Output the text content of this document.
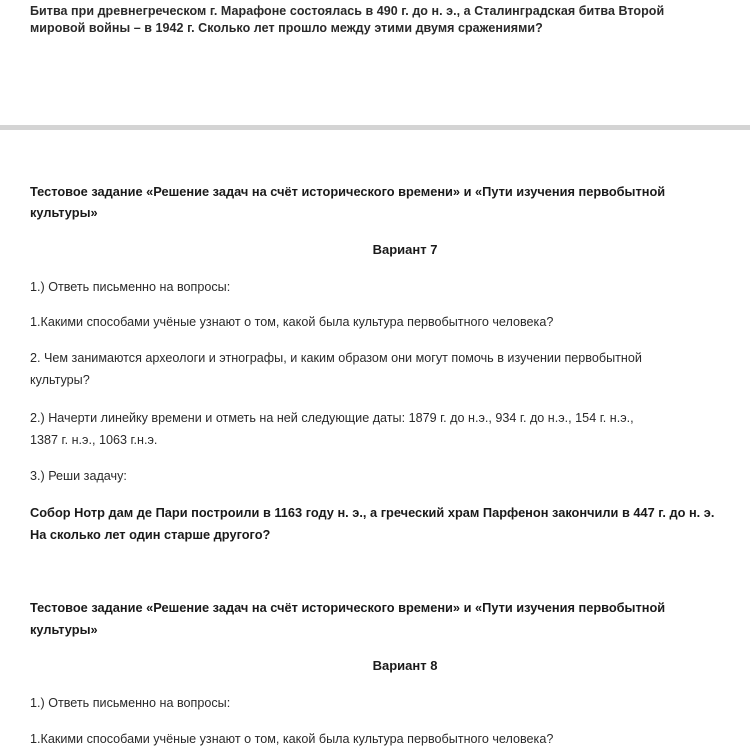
Битва при древнегреческом г. Марафоне состоялась в 490 г. до н. э., а Сталинградская битва Второй

мировой войны – в 1942 г. Сколько лет прошло между этими двумя сражениями?

Тестовое задание «Решение задач на счёт исторического времени» и «Пути изучения первобытной

культуры»

Вариант 7

1.) Ответь письменно на вопросы:

1.Какими способами учёные узнают о том, какой была культура первобытного человека?

2. Чем занимаются археологи и этнографы, и каким образом они могут помочь в изучении первобытной

культуры?

2.) Начерти линейку времени и отметь на ней следующие даты: 1879 г. до н.э., 934 г. до н.э., 154 г. н.э.,

1387 г. н.э., 1063 г.н.э.

3.) Реши задачу:

Собор Нотр дам де Пари построили в 1163 году н. э., а греческий храм Парфенон закончили в 447 г. до н. э.

На сколько лет один старше другого?

Тестовое задание «Решение задач на счёт исторического времени» и «Пути изучения первобытной

культуры»

Вариант 8

1.) Ответь письменно на вопросы:

1.Какими способами учёные узнают о том, какой была культура первобытного человека?
